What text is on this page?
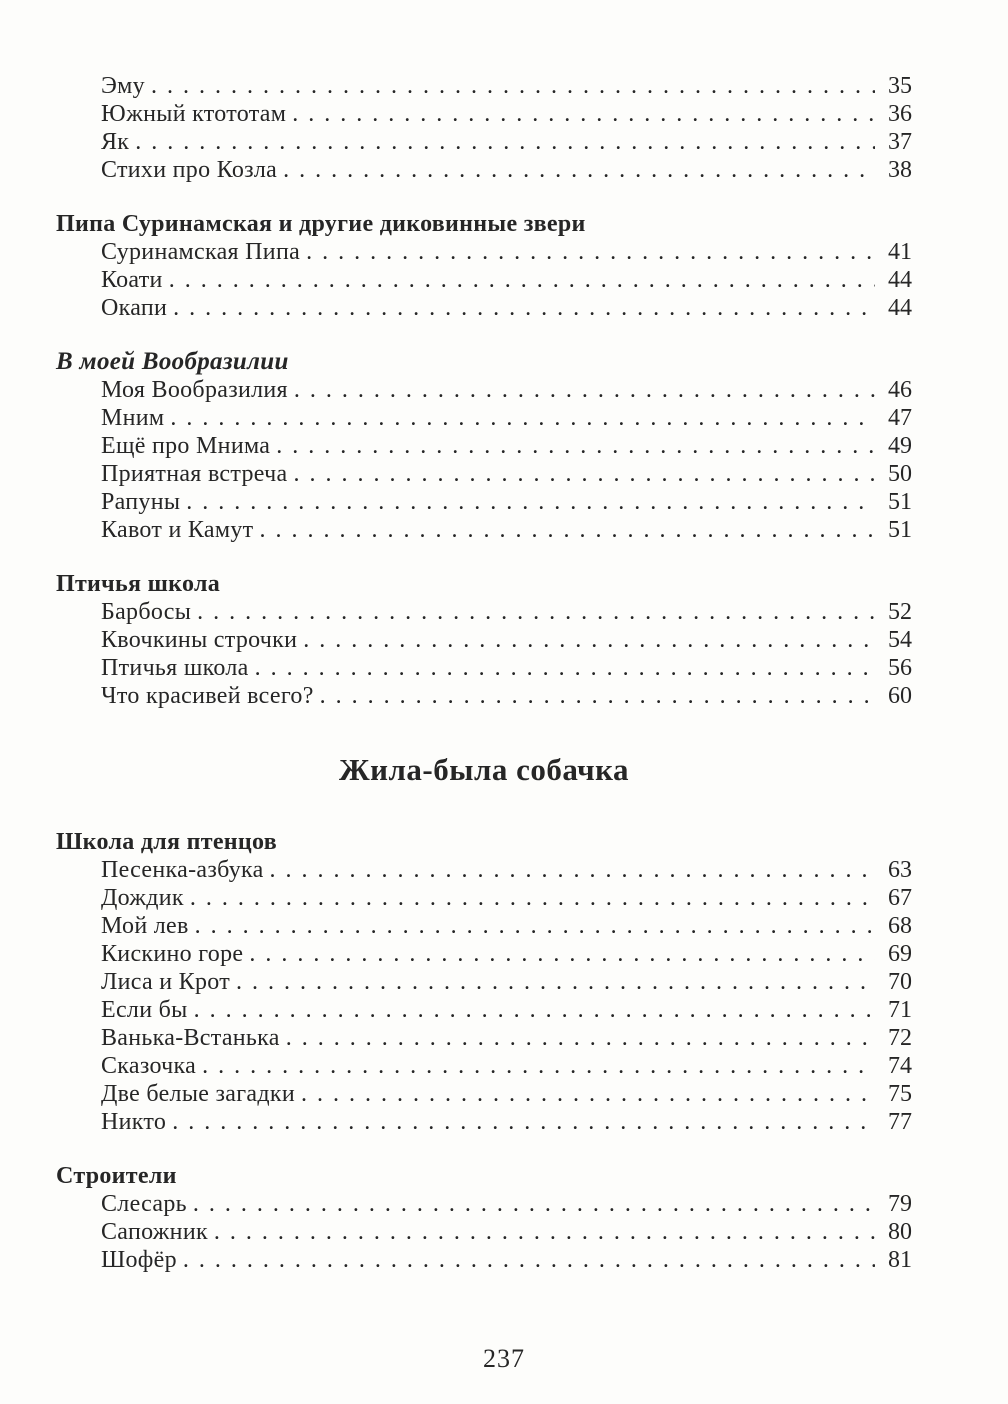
Эму . . .	35
Южный ктототам . . .	36
Як . . .	37
Стихи про Козла . . .	38
Пипа Суринамская и другие диковинные звери
Суринамская Пипа . . .	41
Коати . . .	44
Окапи . . .	44
В моей Вообразилии
Моя Вообразилия . . .	46
Мним . . .	47
Ещё про Мнима . . .	49
Приятная встреча . . .	50
Рапуны . . .	51
Кавот и Камут . . .	51
Птичья школа
Барбосы . . .	52
Квочкины строчки . . .	54
Птичья школа . . .	56
Что красивей всего? . . .	60
Жила-была собачка
Школа для птенцов
Песенка-азбука . . .	63
Дождик . . .	67
Мой лев . . .	68
Кискино горе . . .	69
Лиса и Крот . . .	70
Если бы . . .	71
Ванька-Встанька . . .	72
Сказочка . . .	74
Две белые загадки . . .	75
Никто . . .	77
Строители
Слесарь . . .	79
Сапожник . . .	80
Шофёр . . .	81
237
